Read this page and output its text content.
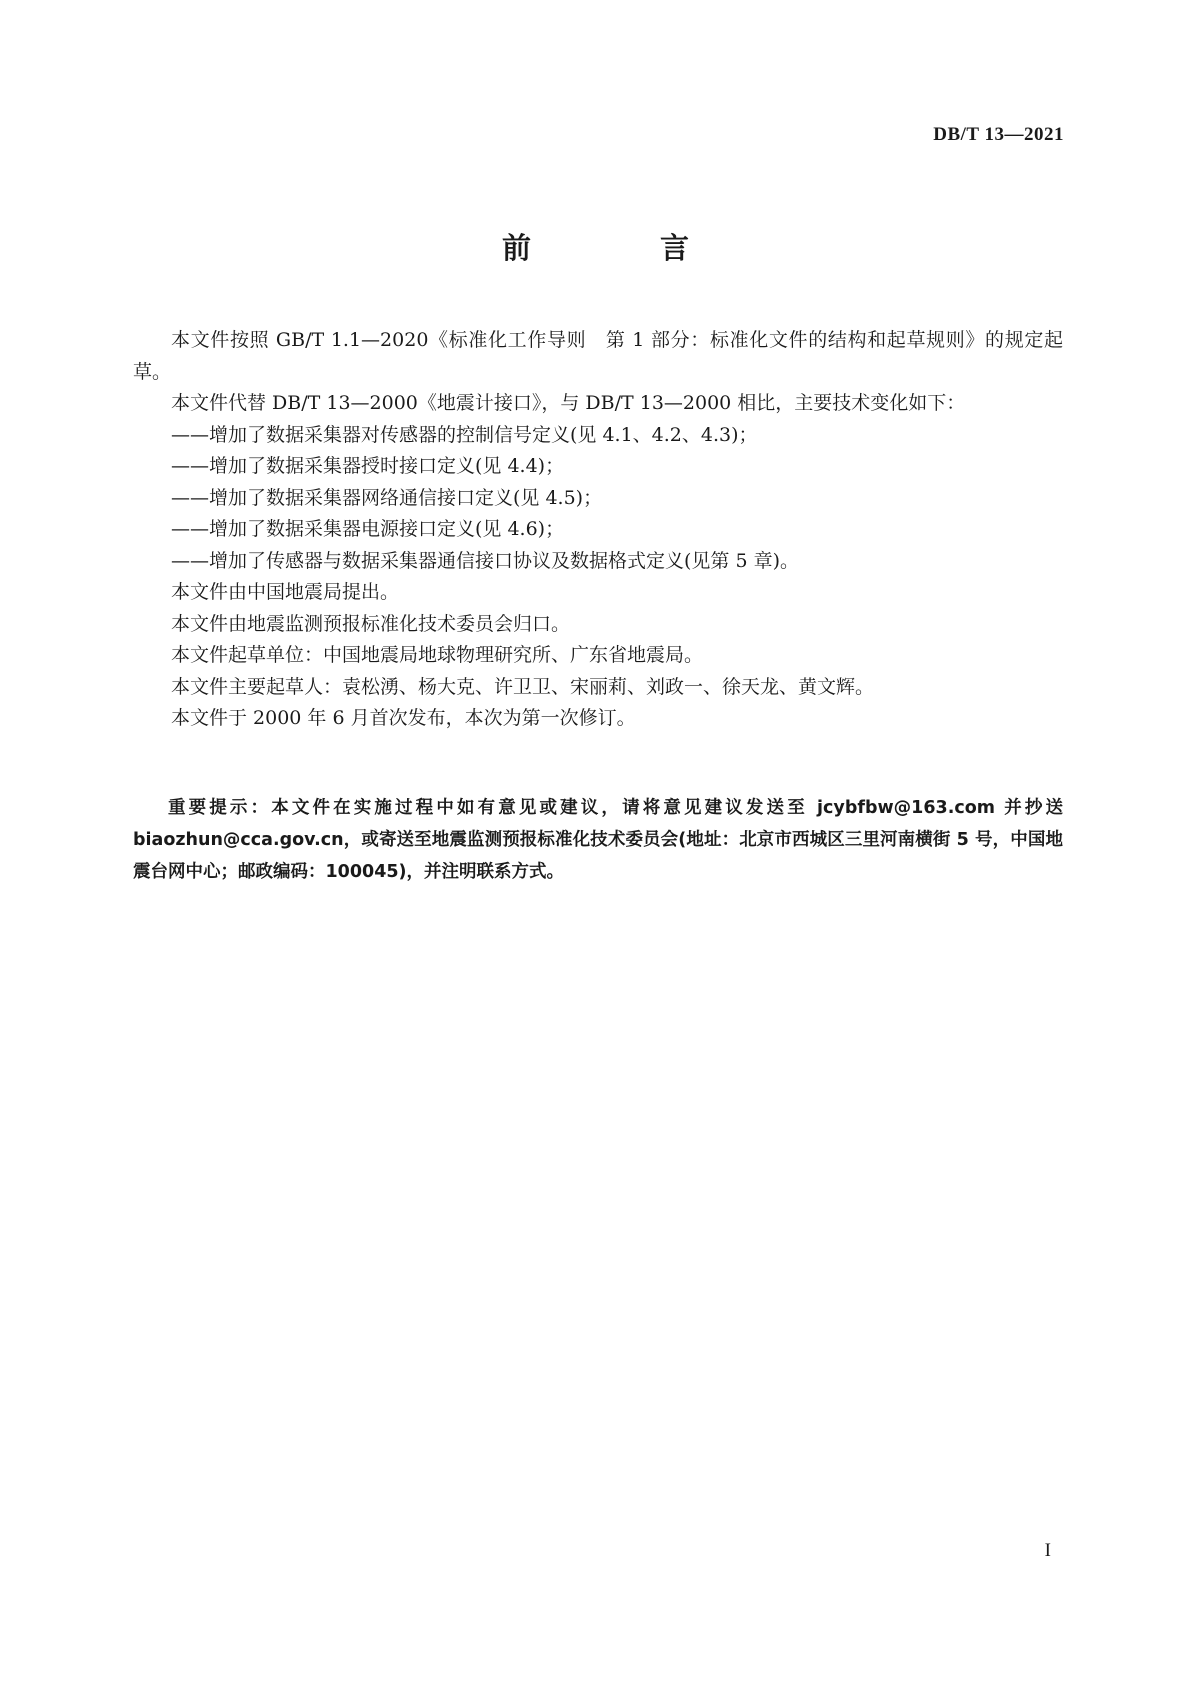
DB/T 13—2021
前　言

本文件按照 GB/T 1.1—2020《标准化工作导则　第 1 部分：标准化文件的结构和起草规则》的规定起草。

本文件代替 DB/T 13—2000《地震计接口》，与 DB/T 13—2000 相比，主要技术变化如下：

——增加了数据采集器对传感器的控制信号定义(见 4.1、4.2、4.3)；

——增加了数据采集器授时接口定义(见 4.4)；

——增加了数据采集器网络通信接口定义(见 4.5)；

——增加了数据采集器电源接口定义(见 4.6)；

——增加了传感器与数据采集器通信接口协议及数据格式定义(见第 5 章)。

本文件由中国地震局提出。

本文件由地震监测预报标准化技术委员会归口。

本文件起草单位：中国地震局地球物理研究所、广东省地震局。

本文件主要起草人：袁松湧、杨大克、许卫卫、宋丽莉、刘政一、徐天龙、黄文辉。

本文件于 2000 年 6 月首次发布，本次为第一次修订。

重要提示：本文件在实施过程中如有意见或建议，请将意见建议发送至 jcybfbw@163.com 并抄送 biaozhun@cca.gov.cn，或寄送至地震监测预报标准化技术委员会(地址：北京市西城区三里河南横街 5 号，中国地震台网中心；邮政编码：100045)，并注明联系方式。

I
